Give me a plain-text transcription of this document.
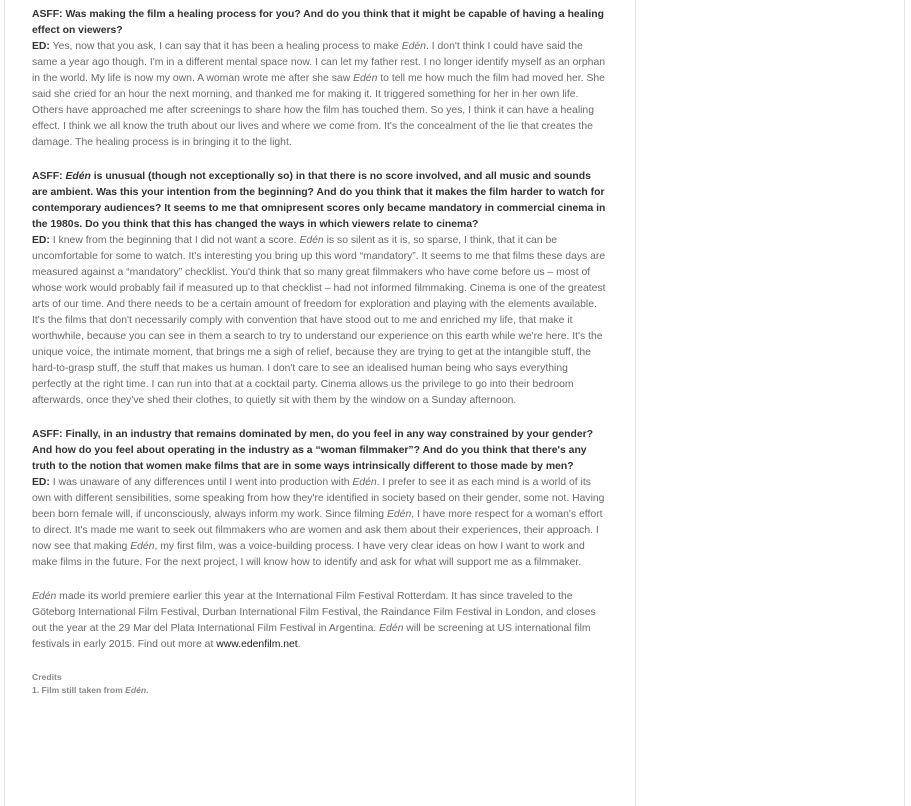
ASFF: Was making the film a healing process for you? And do you think that it might be capable of having a healing effect on viewers?

ED: Yes, now that you ask, I can say that it has been a healing process to make Edén. I don't think I could have said the same a year ago though. I'm in a different mental space now. I can let my father rest. I no longer identify myself as an orphan in the world. My life is now my own. A woman wrote me after she saw Edén to tell me how much the film had moved her. She said she cried for an hour the next morning, and thanked me for making it. It triggered something for her in her own life. Others have approached me after screenings to share how the film has touched them. So yes, I think it can have a healing effect. I think we all know the truth about our lives and where we come from. It's the concealment of the lie that creates the damage. The healing process is in bringing it to the light.

ASFF: Edén is unusual (though not exceptionally so) in that there is no score involved, and all music and sounds are ambient. Was this your intention from the beginning? And do you think that it makes the film harder to watch for contemporary audiences? It seems to me that omnipresent scores only became mandatory in commercial cinema in the 1980s. Do you think that this has changed the ways in which viewers relate to cinema?

ED: I knew from the beginning that I did not want a score. Edén is so silent as it is, so sparse, I think, that it can be uncomfortable for some to watch. It's interesting you bring up this word “mandatory”. It seems to me that films these days are measured against a “mandatory” checklist. You'd think that so many great filmmakers who have come before us – most of whose work would probably fail if measured up to that checklist – had not informed filmmaking. Cinema is one of the greatest arts of our time. And there needs to be a certain amount of freedom for exploration and playing with the elements available. It's the films that don't necessarily comply with convention that have stood out to me and enriched my life, that make it worthwhile, because you can see in them a search to try to understand our experience on this earth while we're here. It's the unique voice, the intimate moment, that brings me a sigh of relief, because they are trying to get at the intangible stuff, the hard-to-grasp stuff, the stuff that makes us human. I don't care to see an idealised human being who says everything perfectly at the right time. I can run into that at a cocktail party. Cinema allows us the privilege to go into their bedroom afterwards, once they've shed their clothes, to quietly sit with them by the window on a Sunday afternoon.

ASFF: Finally, in an industry that remains dominated by men, do you feel in any way constrained by your gender? And how do you feel about operating in the industry as a “woman filmmaker”? And do you think that there's any truth to the notion that women make films that are in some ways intrinsically different to those made by men?

ED: I was unaware of any differences until I went into production with Edén. I prefer to see it as each mind is a world of its own with different sensibilities, some speaking from how they're identified in society based on their gender, some not. Having been born female will, if unconsciously, always inform my work. Since filming Edén, I have more respect for a woman's effort to direct. It's made me want to seek out filmmakers who are women and ask them about their experiences, their approach. I now see that making Edén, my first film, was a voice-building process. I have very clear ideas on how I want to work and make films in the future. For the next project, I will know how to identify and ask for what will support me as a filmmaker.

Edén made its world premiere earlier this year at the International Film Festival Rotterdam. It has since traveled to the Göteborg International Film Festival, Durban International Film Festival, the Raindance Film Festival in London, and closes out the year at the 29 Mar del Plata International Film Festival in Argentina. Edén will be screening at US international film festivals in early 2015. Find out more at www.edenfilm.net.

Credits
1. Film still taken from Edén.
